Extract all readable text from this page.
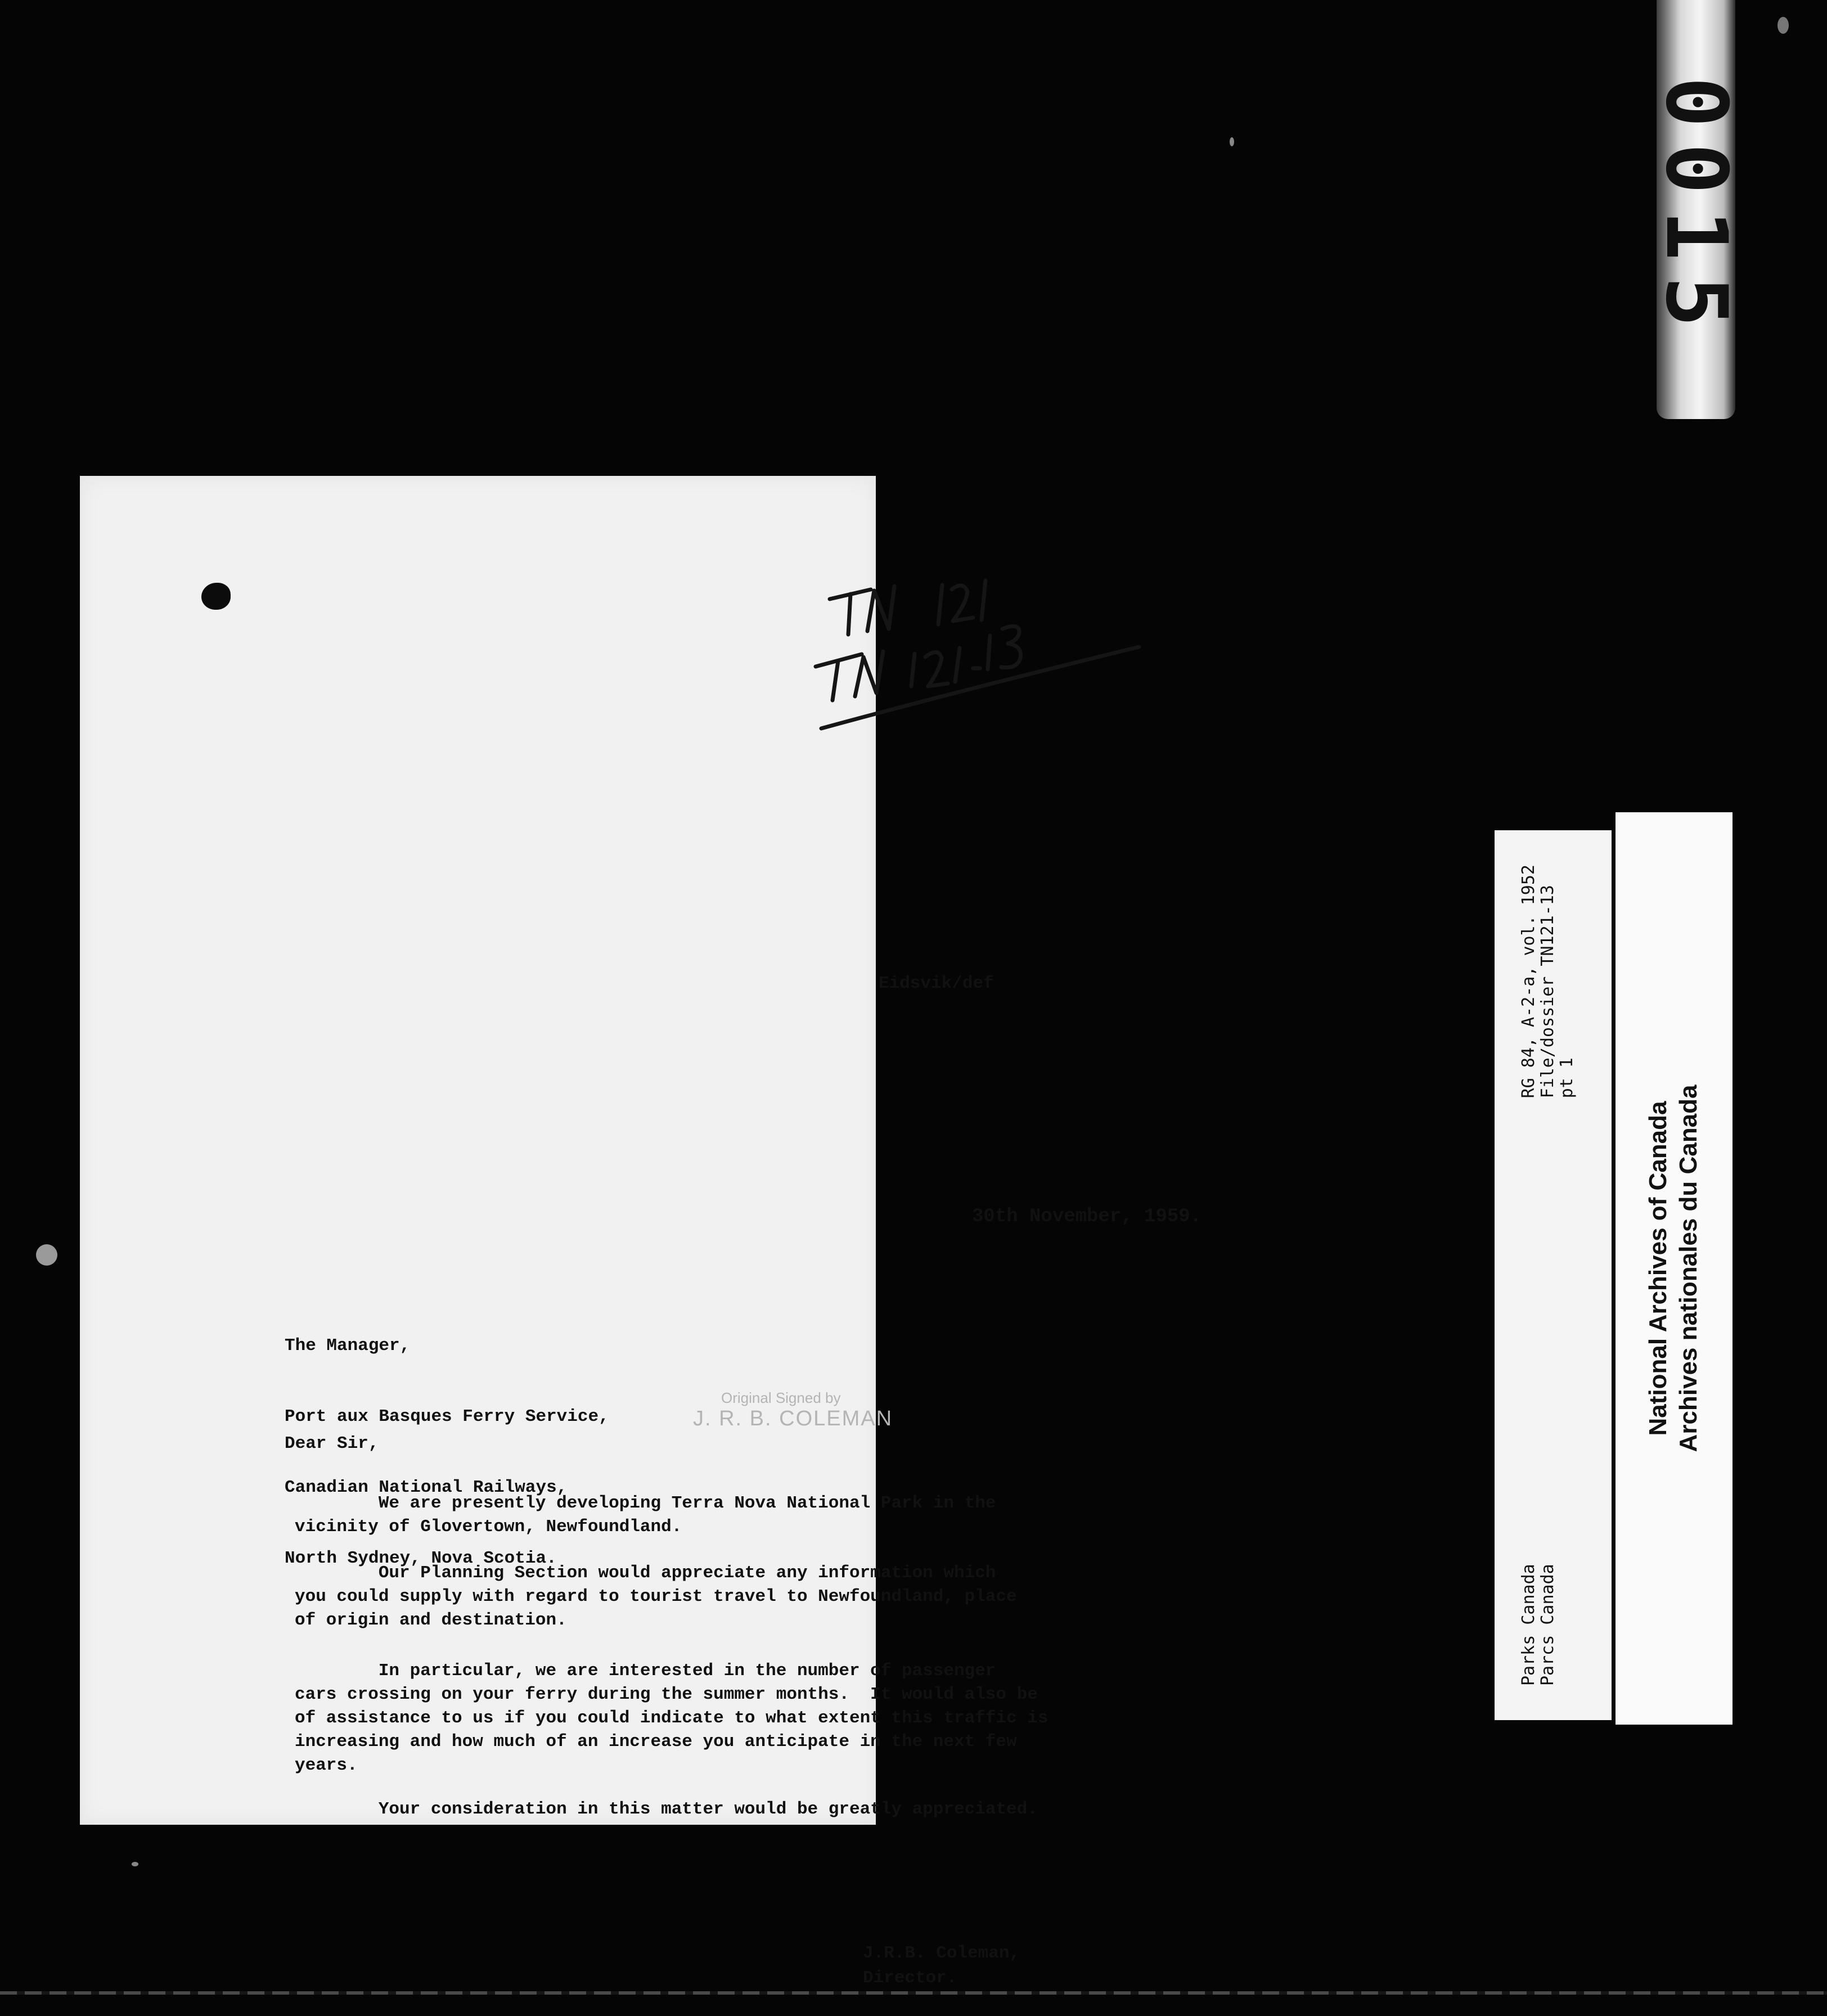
0015

Eidsvik/def

30th November, 1959.

The Manager,

Port aux Basques Ferry Service,

Canadian National Railways,

North Sydney, Nova Scotia.

Dear Sir,

We are presently developing Terra Nova National Park in the
vicinity of Glovertown, Newfoundland.

Our Planning Section would appreciate any information which
you could supply with regard to tourist travel to Newfoundland, place
of origin and destination.

In particular, we are interested in the number of passenger
cars crossing on your ferry during the summer months.  It would also be
of assistance to us if you could indicate to what extent this traffic is
increasing and how much of an increase you anticipate in the next few
years.

Your consideration in this matter would be greatly appreciated.

J.R.B. Coleman,

Director.

Original Signed by
J. R. B. COLEMAN
RG 84, A-2-a, vol. 1952 File/dossier TN121-13 pt 1
Parks Canada Parcs Canada
National Archives of Canada Archives nationales du Canada
